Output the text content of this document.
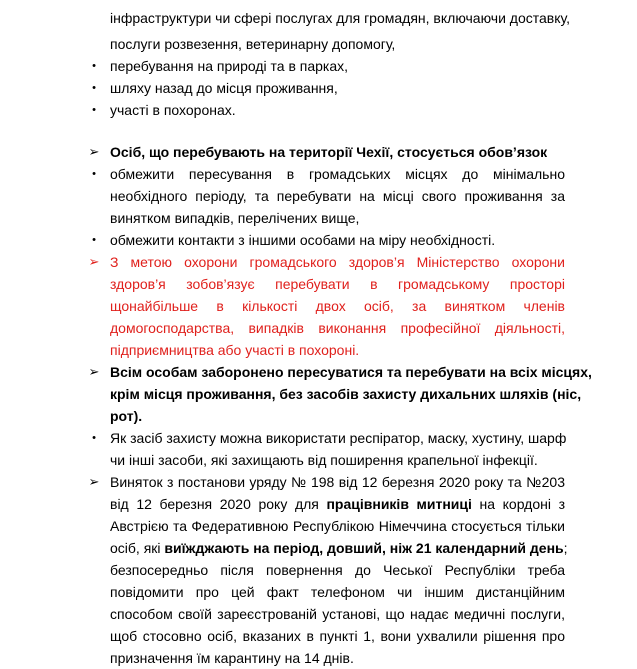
інфраструктури чи сфері послугах для громадян, включаючи доставку,
послуги розвезення, ветеринарну допомогу,
•	перебування на природі та в парках,
•	шляху назад до місця проживання,
•	участі в похоронах.
➢ Осіб, що перебувають на території Чехії, стосується обов’язок
•	обмежити пересування в громадських місцях до мінімально
необхідного періоду, та перебувати на місці свого проживання за
винятком випадків, перелічених вище,
•	обмежити контакти з іншими особами на міру необхідності.
➢ З метою охорони громадського здоров’я Міністерство охорони
здоров’я зобов’язує перебувати в громадському просторі
щонайбільше в кількості двох осіб, за винятком членів
домогосподарства, випадків виконання професійної діяльності,
підприємництва або участі в похороні.
➢ Всім особам заборонено пересуватися та перебувати на всіх місцях,
крім місця проживання, без засобів захисту дихальних шляхів (ніс,
рот).
•	Як засіб захисту можна використати респіратор, маску, хустину, шарф
чи інші засоби, які захищають від поширення крапельної інфекції.
➢ Виняток з постанови уряду № 198 від 12 березня 2020 року та №203
від 12 березня 2020 року для працівників митниці на кордоні з
Австрією та Федеративною Республікою Німеччина стосується тільки
осіб, які виїжджають на період, довший, ніж 21 календарний день;
безпосередньо після повернення до Чеської Республіки треба
повідомити про цей факт телефоном чи іншим дистанційним
способом своїй зареєстрованій установі, що надає медичні послуги,
щоб стосовно осіб, вказаних в пункті 1, вони ухвалили рішення про
призначення їм карантину на 14 днів.
